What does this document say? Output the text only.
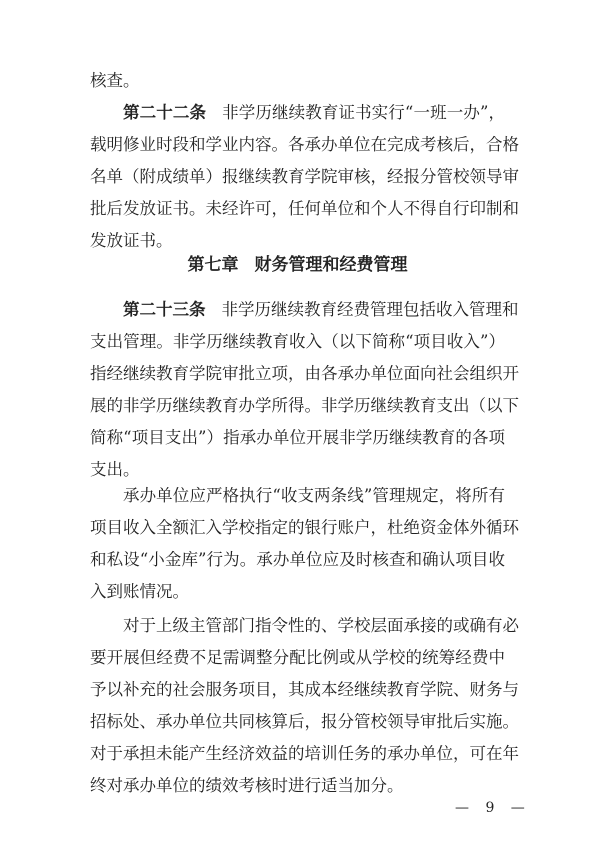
第七章 财务管理和经费管理
— 9 —
核查。
第二十二条 非学历继续教育证书实行“一班一办”，
载明修业时段和学业内容。各承办单位在完成考核后，合格
名单（附成绩单）报继续教育学院审核，经报分管校领导审
批后发放证书。未经许可，任何单位和个人不得自行印制和
发放证书。
第二十三条 非学历继续教育经费管理包括收入管理和
支出管理。非学历继续教育收入（以下简称“项目收入”）
指经继续教育学院审批立项，由各承办单位面向社会组织开
展的非学历继续教育办学所得。非学历继续教育支出（以下
简称“项目支出”）指承办单位开展非学历继续教育的各项
支出。
承办单位应严格执行“收支两条线”管理规定，将所有
项目收入全额汇入学校指定的银行账户，杜绝资金体外循环
和私设“小金库”行为。承办单位应及时核查和确认项目收
入到账情况。
对于上级主管部门指令性的、学校层面承接的或确有必
要开展但经费不足需调整分配比例或从学校的统筹经费中
予以补充的社会服务项目，其成本经继续教育学院、财务与
招标处、承办单位共同核算后，报分管校领导审批后实施。
对于承担未能产生经济效益的培训任务的承办单位，可在年
终对承办单位的绩效考核时进行适当加分。
